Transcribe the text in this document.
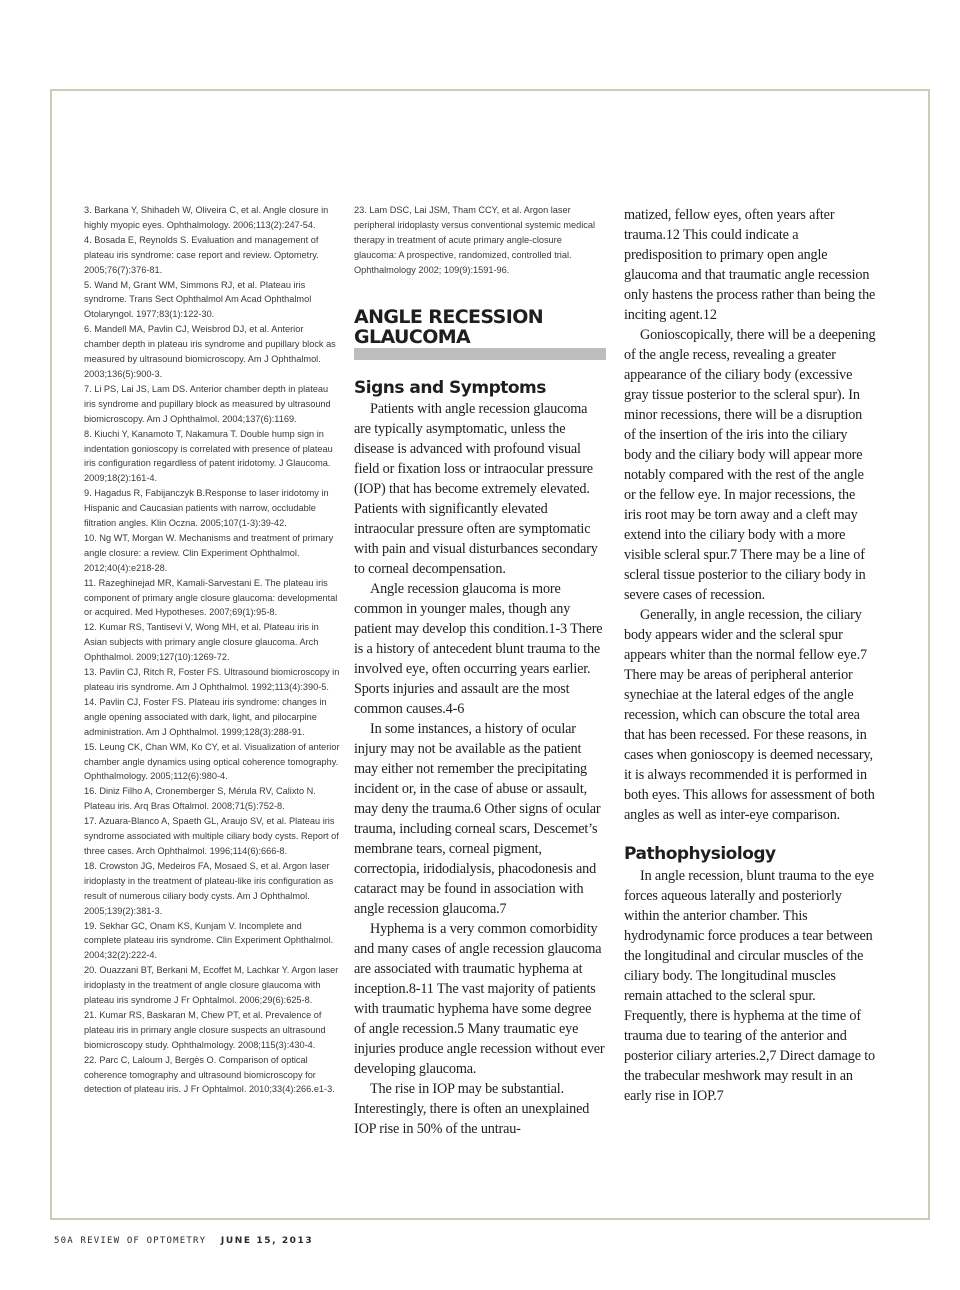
3. Barkana Y, Shihadeh W, Oliveira C, et al. Angle closure in highly myopic eyes. Ophthalmology. 2006;113(2):247-54.

4. Bosada E, Reynolds S. Evaluation and management of plateau iris syndrome: case report and review. Optometry. 2005;76(7):376-81.

5. Wand M, Grant WM, Simmons RJ, et al. Plateau iris syndrome. Trans Sect Ophthalmol Am Acad Ophthalmol Otolaryngol. 1977;83(1):122-30.

6. Mandell MA, Pavlin CJ, Weisbrod DJ, et al. Anterior chamber depth in plateau iris syndrome and pupillary block as measured by ultrasound biomicroscopy. Am J Ophthalmol. 2003;136(5):900-3.

7. Li PS, Lai JS, Lam DS. Anterior chamber depth in plateau iris syndrome and pupillary block as measured by ultrasound biomicroscopy. Am J Ophthalmol. 2004;137(6):1169.

8. Kiuchi Y, Kanamoto T, Nakamura T. Double hump sign in indentation gonioscopy is correlated with presence of plateau iris configuration regardless of patent iridotomy. J Glaucoma. 2009;18(2):161-4.

9. Hagadus R, Fabijanczyk B.Response to laser iridotomy in Hispanic and Caucasian patients with narrow, occludable filtration angles. Klin Oczna. 2005;107(1-3):39-42.

10. Ng WT, Morgan W. Mechanisms and treatment of primary angle closure: a review. Clin Experiment Ophthalmol. 2012;40(4):e218-28.

11. Razeghinejad MR, Kamali-Sarvestani E. The plateau iris component of primary angle closure glaucoma: developmental or acquired. Med Hypotheses. 2007;69(1):95-8.

12. Kumar RS, Tantisevi V, Wong MH, et al. Plateau iris in Asian subjects with primary angle closure glaucoma. Arch Ophthalmol. 2009;127(10):1269-72.

13. Pavlin CJ, Ritch R, Foster FS. Ultrasound biomicroscopy in plateau iris syndrome. Am J Ophthalmol. 1992;113(4):390-5.

14. Pavlin CJ, Foster FS. Plateau iris syndrome: changes in angle opening associated with dark, light, and pilocarpine administration. Am J Ophthalmol. 1999;128(3):288-91.

15. Leung CK, Chan WM, Ko CY, et al. Visualization of anterior chamber angle dynamics using optical coherence tomography. Ophthalmology. 2005;112(6):980-4.

16. Diniz Filho A, Cronemberger S, Mérula RV, Calixto N. Plateau iris. Arq Bras Oftalmol. 2008;71(5):752-8.

17. Azuara-Blanco A, Spaeth GL, Araujo SV, et al. Plateau iris syndrome associated with multiple ciliary body cysts. Report of three cases. Arch Ophthalmol. 1996;114(6):666-8.

18. Crowston JG, Medeiros FA, Mosaed S, et al. Argon laser iridoplasty in the treatment of plateau-like iris configuration as result of numerous ciliary body cysts. Am J Ophthalmol. 2005;139(2):381-3.

19. Sekhar GC, Onam KS, Kunjam V. Incomplete and complete plateau iris syndrome. Clin Experiment Ophthalmol. 2004;32(2):222-4.

20. Ouazzani BT, Berkani M, Ecoffet M, Lachkar Y. Argon laser iridoplasty in the treatment of angle closure glaucoma with plateau iris syndrome J Fr Ophtalmol. 2006;29(6):625-8.

21. Kumar RS, Baskaran M, Chew PT, et al. Prevalence of plateau iris in primary angle closure suspects an ultrasound biomicroscopy study. Ophthalmology. 2008;115(3):430-4.

22. Parc C, Laloum J, Bergès O. Comparison of optical coherence tomography and ultrasound biomicroscopy for detection of plateau iris. J Fr Ophtalmol. 2010;33(4):266.e1-3.

23. Lam DSC, Lai JSM, Tham CCY, et al. Argon laser peripheral iridoplasty versus conventional systemic medical therapy in treatment of acute primary angle-closure glaucoma: A prospective, randomized, controlled trial. Ophthalmology 2002; 109(9):1591-96.

ANGLE RECESSION
GLAUCOMA
Signs and Symptoms

Patients with angle recession glaucoma are typically asymptomatic, unless the disease is advanced with profound visual field or fixation loss or intraocular pressure (IOP) that has become extremely elevated. Patients with significantly elevated intraocular pressure often are symptomatic with pain and visual disturbances secondary to corneal decompensation.

Angle recession glaucoma is more common in younger males, though any patient may develop this condition.1-3 There is a history of antecedent blunt trauma to the involved eye, often occurring years earlier. Sports injuries and assault are the most common causes.4-6

In some instances, a history of ocular injury may not be available as the patient may either not remember the precipitating incident or, in the case of abuse or assault, may deny the trauma.6 Other signs of ocular trauma, including corneal scars, Descemet’s membrane tears, corneal pigment, correctopia, iridodialysis, phacodonesis and cataract may be found in association with angle recession glaucoma.7

Hyphema is a very common comorbidity and many cases of angle recession glaucoma are associated with traumatic hyphema at inception.8-11 The vast majority of patients with traumatic hyphema have some degree of angle recession.5 Many traumatic eye injuries produce angle recession without ever developing glaucoma.

The rise in IOP may be substantial. Interestingly, there is often an unexplained IOP rise in 50% of the untrau-

matized, fellow eyes, often years after trauma.12 This could indicate a predisposition to primary open angle glaucoma and that traumatic angle recession only hastens the process rather than being the inciting agent.12

Gonioscopically, there will be a deepening of the angle recess, revealing a greater appearance of the ciliary body (excessive gray tissue posterior to the scleral spur). In minor recessions, there will be a disruption of the insertion of the iris into the ciliary body and the ciliary body will appear more notably compared with the rest of the angle or the fellow eye. In major recessions, the iris root may be torn away and a cleft may extend into the ciliary body with a more visible scleral spur.7 There may be a line of scleral tissue posterior to the ciliary body in severe cases of recession.

Generally, in angle recession, the ciliary body appears wider and the scleral spur appears whiter than the normal fellow eye.7 There may be areas of peripheral anterior synechiae at the lateral edges of the angle recession, which can obscure the total area that has been recessed. For these reasons, in cases when gonioscopy is deemed necessary, it is always recommended it is performed in both eyes. This allows for assessment of both angles as well as inter-eye comparison.

Pathophysiology

In angle recession, blunt trauma to the eye forces aqueous laterally and posteriorly within the anterior chamber. This hydrodynamic force produces a tear between the longitudinal and circular muscles of the ciliary body. The longitudinal muscles remain attached to the scleral spur. Frequently, there is hyphema at the time of trauma due to tearing of the anterior and posterior ciliary arteries.2,7 Direct damage to the trabecular meshwork may result in an early rise in IOP.7

50A REVIEW OF OPTOMETRY JUNE 15, 2013
